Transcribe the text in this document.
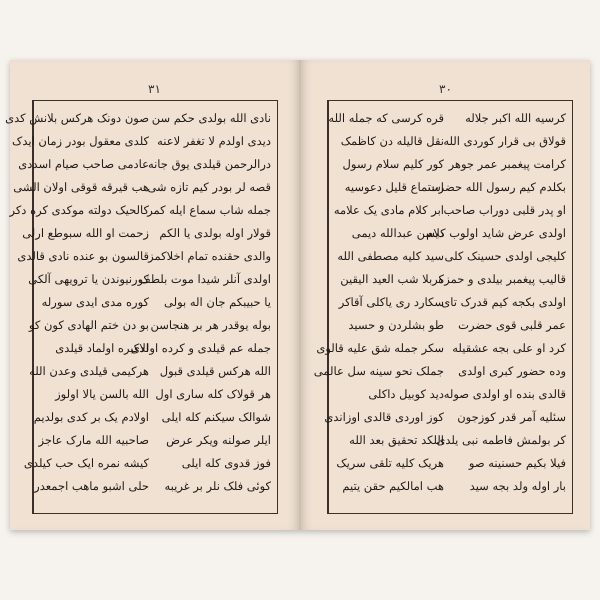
٣١
نادی الله بولدی حکم سن
دیدی اولدم لا تغفر لاعنه
درالرحمن قیلدی یوق جانه
قصه لر بودر کیم تازه شی
جمله شاب سماع ایله کمر
قولار اوله بولدی یا الکم
والدی حقنده تمام اخلاکمز
اولدی آنلر شیدا موت بلطف
یا حبیبکم جان اله بولی
بوله یوقدر هر بر هنجاسن
جمله عم قیلدی و کرده اولدی
الله هرکس قیلدی قبول
هر قولاک کله ساری اول
شوالک سیکنم کله ایلی
ایلر صولنه ویکر عرض
فوز قدوی کله ایلی
کوئی فلک نلر بر غریبه
صون دونک هرکس بلانش کدی
کلدی معقول بودر زمان ایدک
عادمی صاحب صیام اسددی
هب قیرقه قوقی اولان الشی
کالحیک دولته موکدی کره دکر
زحمت او الله سبوطع ارلی
قالسون بو عنده نادی قالدی
کورنیوندن یا ترویهی آلکی
کوره مدی ایدی سورله
بو دن ختم الهادی کون کو
الاکبره اولماد قیلدی
هرکیمی قیلدی وعدن الله
الله بالسن یالا اولوز
اولادم یک بر کدی بولدیم
صاحبیه الله مارک عاجز
کیشه نمره ایک حب کیلدی
حلی اشبو ماهب اجمعدر
٣٠
کرسیه الله اکبر جلاله
قولاق بی قرار کوردی الله
کرامت پیغمبر عمر جوهر
بکلدم کیم رسول الله حضرت
او پدر قلبی دوراب صاحب
اولدی عرض شاید اولوب کلام
کلیجی اولدی حسینک کلی
قالیب پیغمبر بیلدی و حمزه
اولدی بکجه کیم قدرک تای
عمر قلبی قوی حضرت
کرد او علی بجه عشقیله
وده حضور کبری اولدی
قالدی بنده او اولدی صوله
سئلیه آمر قدر کوزجون
کر بولمش فاطمه نبی یلدی
فیلا بکیم حسنینه صو
بار اوله ولد بجه سید
قره کرسی که جمله الله
نقل قالیله دن کاظمک
کور کلیم سلام رسول
استماع قلیل دعوسیه
ابر کلام مادی یک علامه
دیسن عبدالله دیمی
سید کلیه مصطفی الله
کربلا شب العید الیقین
سکارد ری یاکلی آقاکر
طو بشلردن و حسید
سکر جمله شق علیه قالوی
جملک نحو سینه سل عالمی
دید کوبیل داکلی
کوز اوردی قالدی اوزاندی
اللکد تحقیق بعد الله
هریک کلیه تلقی سریک
هب امالکیم حقن یتیم
